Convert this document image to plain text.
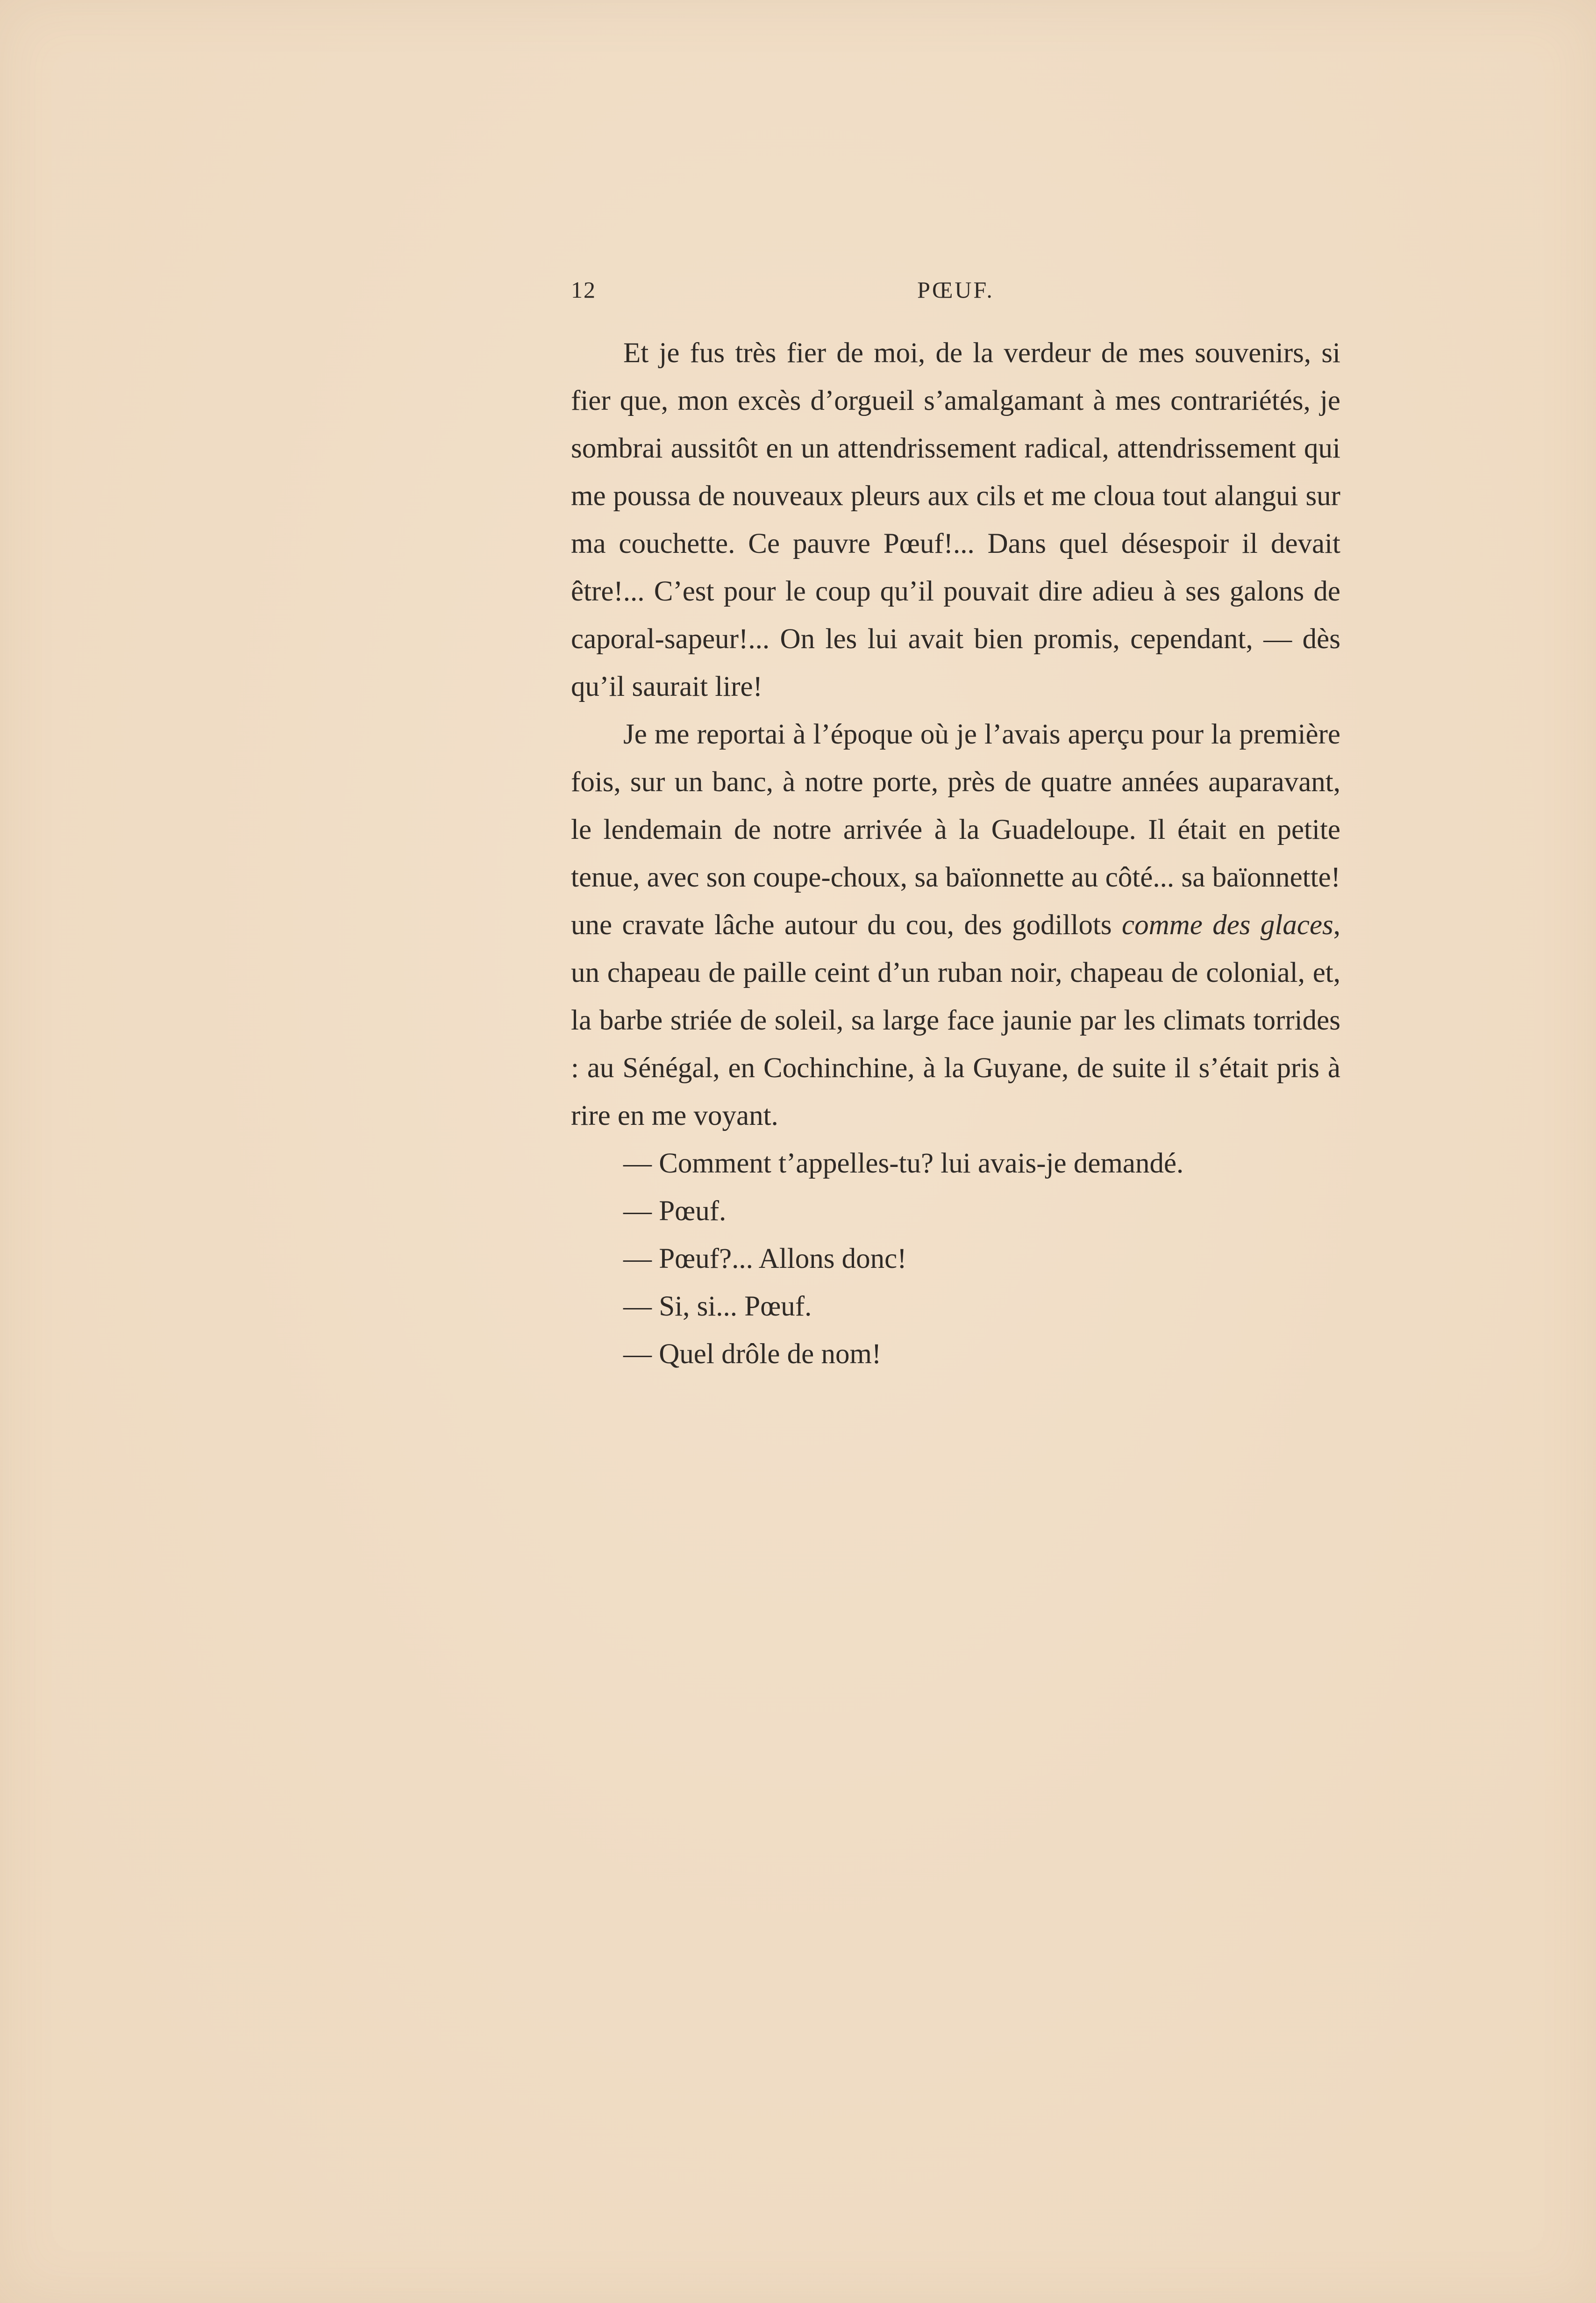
12	PŒUF.

Et je fus très fier de moi, de la verdeur de mes souvenirs, si fier que, mon excès d’orgueil s’amalgamant à mes contrariétés, je sombrai aussitôt en un attendrissement radical, attendrissement qui me poussa de nouveaux pleurs aux cils et me cloua tout alangui sur ma couchette. Ce pauvre Pœuf!... Dans quel désespoir il devait être!... C’est pour le coup qu’il pouvait dire adieu à ses galons de caporal-sapeur!... On les lui avait bien promis, cependant, — dès qu’il saurait lire!

Je me reportai à l’époque où je l’avais aperçu pour la première fois, sur un banc, à notre porte, près de quatre années auparavant, le lendemain de notre arrivée à la Guadeloupe. Il était en petite tenue, avec son coupe-choux, sa baïonnette au côté... sa baïonnette! une cravate lâche autour du cou, des godillots comme des glaces, un chapeau de paille ceint d’un ruban noir, chapeau de colonial, et, la barbe striée de soleil, sa large face jaunie par les climats torrides : au Sénégal, en Cochinchine, à la Guyane, de suite il s’était pris à rire en me voyant.

— Comment t’appelles-tu? lui avais-je demandé.

— Pœuf.

— Pœuf?... Allons donc!

— Si, si... Pœuf.

— Quel drôle de nom!
